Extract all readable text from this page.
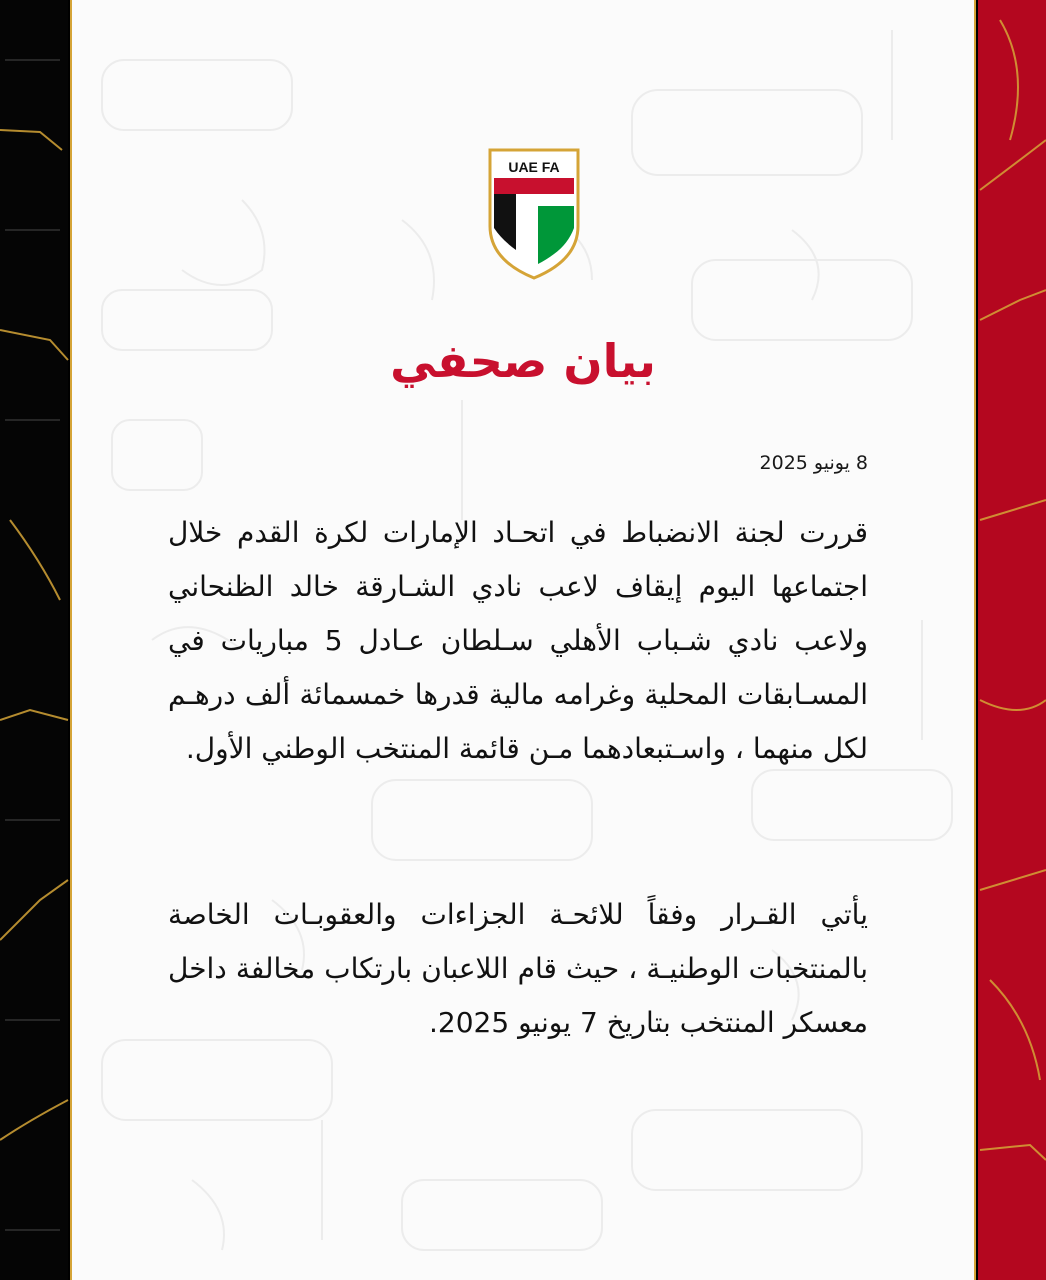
UAE FA
بيان صحفي
8 يونيو 2025
قررت لجنة الانضباط في اتحـاد الإمارات لكرة القدم خلال اجتماعها اليوم إيقاف لاعب نادي الشـارقة خالد الظنحاني ولاعب نادي شـباب الأهلي سـلطان عـادل 5 مباريات في المسـابقات المحلية وغرامه مالية قدرها خمسمائة ألف درهـم لكل منهما ، واسـتبعادهما مـن قائمة المنتخب الوطني الأول.
يأتي القـرار وفقاً للائحـة الجزاءات والعقوبـات الخاصة بالمنتخبات الوطنيـة ، حيث قام اللاعبان بارتكاب مخالفة داخل معسكر المنتخب بتاريخ 7 يونيو 2025.
